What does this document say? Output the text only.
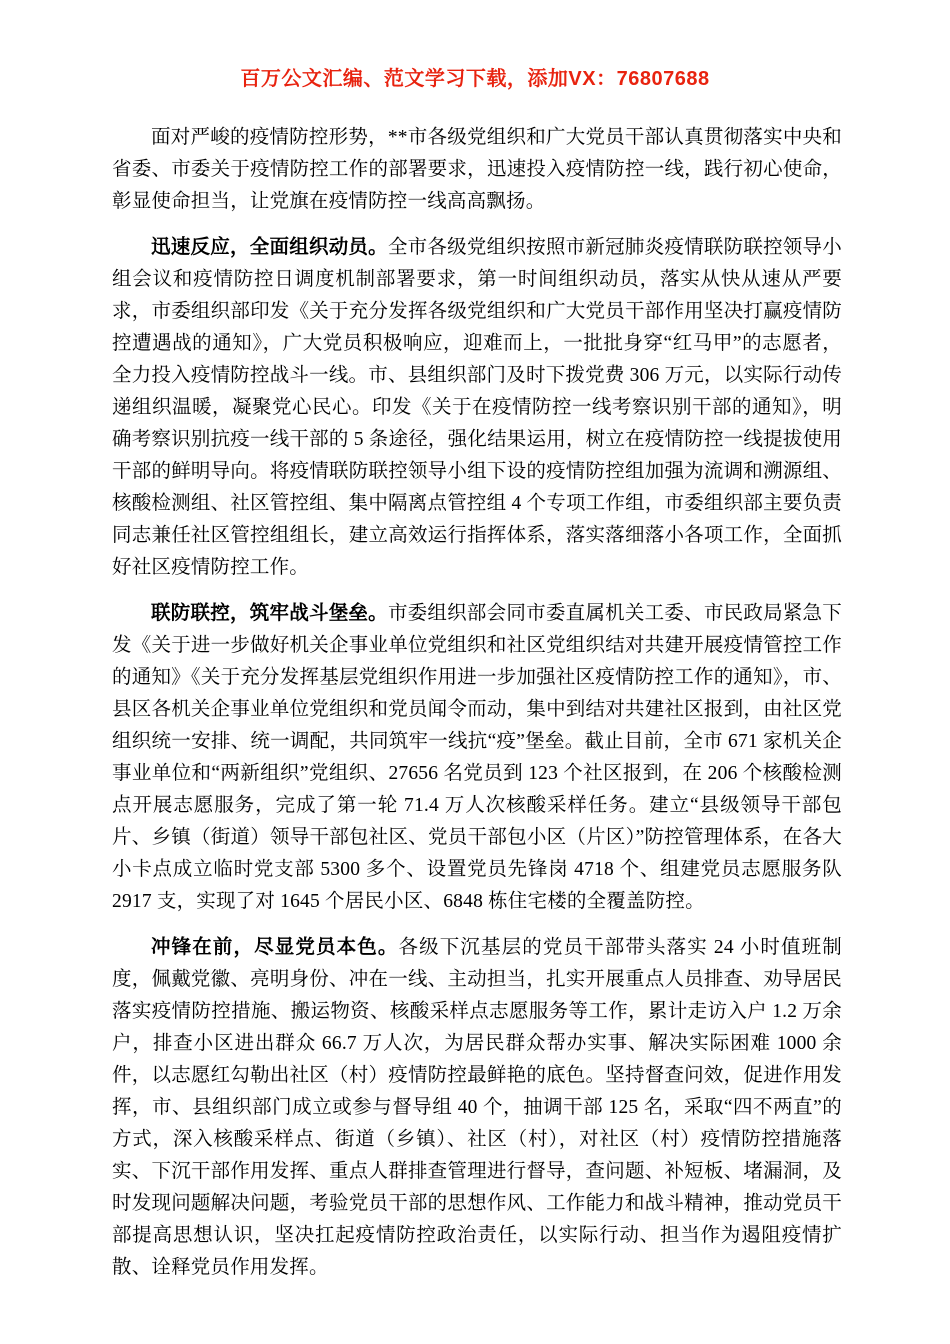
百万公文汇编、范文学习下载，添加VX：76807688

面对严峻的疫情防控形势，**市各级党组织和广大党员干部认真贯彻落实中央和省委、市委关于疫情防控工作的部署要求，迅速投入疫情防控一线，践行初心使命，彰显使命担当，让党旗在疫情防控一线高高飘扬。

迅速反应，全面组织动员。全市各级党组织按照市新冠肺炎疫情联防联控领导小组会议和疫情防控日调度机制部署要求，第一时间组织动员，落实从快从速从严要求，市委组织部印发《关于充分发挥各级党组织和广大党员干部作用坚决打赢疫情防控遭遇战的通知》，广大党员积极响应，迎难而上，一批批身穿“红马甲”的志愿者，全力投入疫情防控战斗一线。市、县组织部门及时下拨党费 306 万元，以实际行动传递组织温暖，凝聚党心民心。印发《关于在疫情防控一线考察识别干部的通知》，明确考察识别抗疫一线干部的 5 条途径，强化结果运用，树立在疫情防控一线提拔使用干部的鲜明导向。将疫情联防联控领导小组下设的疫情防控组加强为流调和溯源组、核酸检测组、社区管控组、集中隔离点管控组 4 个专项工作组，市委组织部主要负责同志兼任社区管控组组长，建立高效运行指挥体系，落实落细落小各项工作，全面抓好社区疫情防控工作。

联防联控，筑牢战斗堡垒。市委组织部会同市委直属机关工委、市民政局紧急下发《关于进一步做好机关企事业单位党组织和社区党组织结对共建开展疫情管控工作的通知》《关于充分发挥基层党组织作用进一步加强社区疫情防控工作的通知》，市、县区各机关企事业单位党组织和党员闻令而动，集中到结对共建社区报到，由社区党组织统一安排、统一调配，共同筑牢一线抗“疫”堡垒。截止目前，全市 671 家机关企事业单位和“两新组织”党组织、27656 名党员到 123 个社区报到，在 206 个核酸检测点开展志愿服务，完成了第一轮 71.4 万人次核酸采样任务。建立“县级领导干部包片、乡镇（街道）领导干部包社区、党员干部包小区（片区）”防控管理体系，在各大小卡点成立临时党支部 5300 多个、设置党员先锋岗 4718 个、组建党员志愿服务队 2917 支，实现了对 1645 个居民小区、6848 栋住宅楼的全覆盖防控。

冲锋在前，尽显党员本色。各级下沉基层的党员干部带头落实 24 小时值班制度，佩戴党徽、亮明身份、冲在一线、主动担当，扎实开展重点人员排查、劝导居民落实疫情防控措施、搬运物资、核酸采样点志愿服务等工作，累计走访入户 1.2 万余户，排查小区进出群众 66.7 万人次，为居民群众帮办实事、解决实际困难 1000 余件，以志愿红勾勒出社区（村）疫情防控最鲜艳的底色。坚持督查问效，促进作用发挥，市、县组织部门成立或参与督导组 40 个，抽调干部 125 名，采取“四不两直”的方式，深入核酸采样点、街道（乡镇）、社区（村），对社区（村）疫情防控措施落实、下沉干部作用发挥、重点人群排查管理进行督导，查问题、补短板、堵漏洞，及时发现问题解决问题，考验党员干部的思想作风、工作能力和战斗精神，推动党员干部提高思想认识，坚决扛起疫情防控政治责任，以实际行动、担当作为遏阻疫情扩散、诠释党员作用发挥。
